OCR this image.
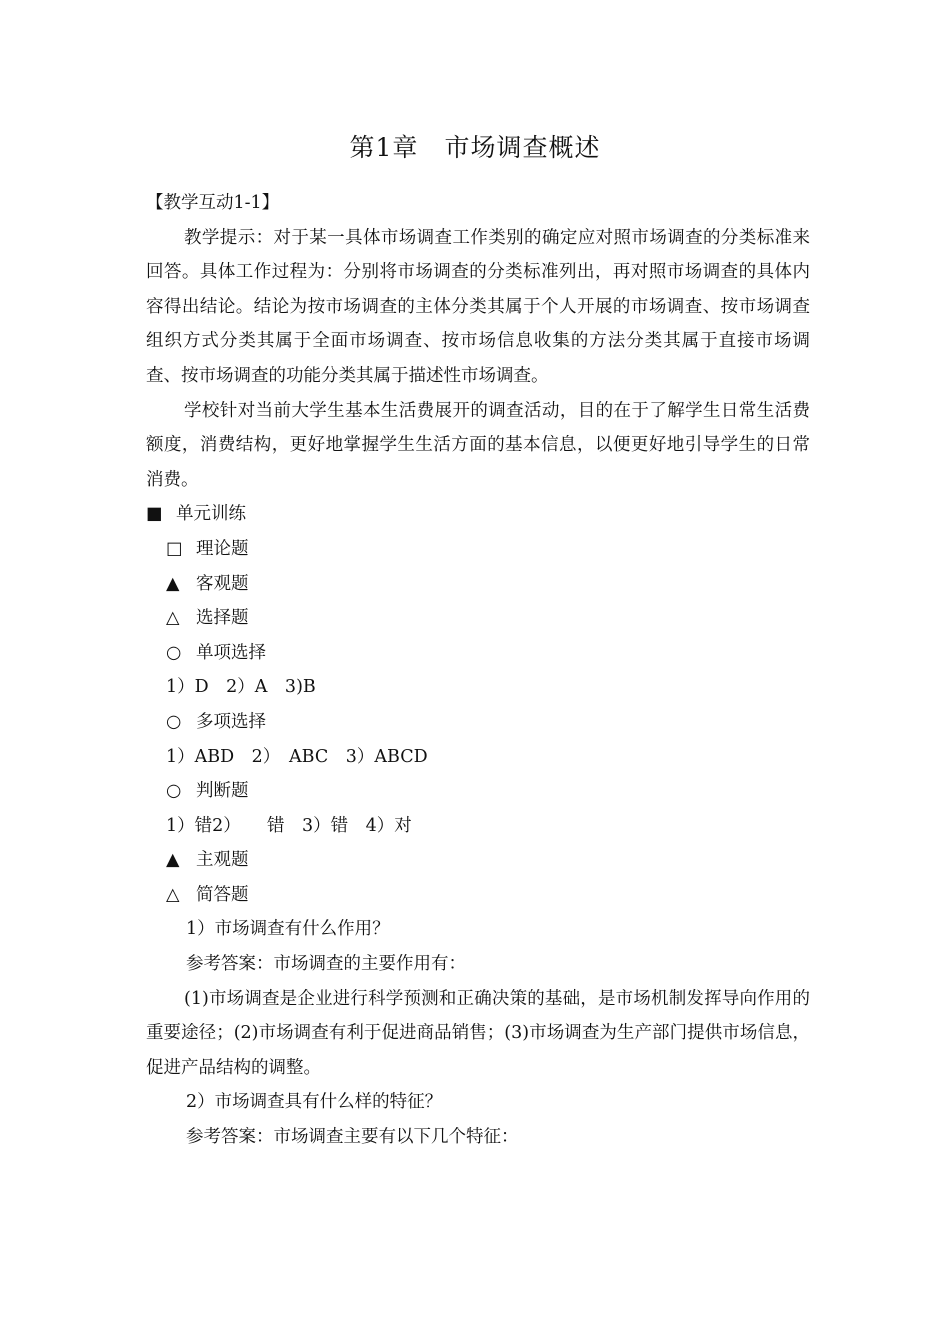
第1章 市场调查概述

【教学互动1-1】

教学提示：对于某一具体市场调查工作类别的确定应对照市场调查的分类标准来回答。具体工作过程为：分别将市场调查的分类标准列出，再对照市场调查的具体内容得出结论。结论为按市场调查的主体分类其属于个人开展的市场调查、按市场调查组织方式分类其属于全面市场调查、按市场信息收集的方法分类其属于直接市场调查、按市场调查的功能分类其属于描述性市场调查。

学校针对当前大学生基本生活费展开的调查活动，目的在于了解学生日常生活费额度，消费结构，更好地掌握学生生活方面的基本信息，以便更好地引导学生的日常消费。

■ 单元训练

□ 理论题

▲ 客观题

△ 选择题

○ 单项选择

1）D　2）A　3)B

○ 多项选择

1）ABD　2）　ABC　3）ABCD

○ 判断题

1）错2）　　错　3）错　4）对

▲ 主观题

△ 简答题

1）市场调查有什么作用？

参考答案：市场调查的主要作用有：

(1)市场调查是企业进行科学预测和正确决策的基础，是市场机制发挥导向作用的重要途径；(2)市场调查有利于促进商品销售；(3)市场调查为生产部门提供市场信息，促进产品结构的调整。

2）市场调查具有什么样的特征？

参考答案：市场调查主要有以下几个特征：
